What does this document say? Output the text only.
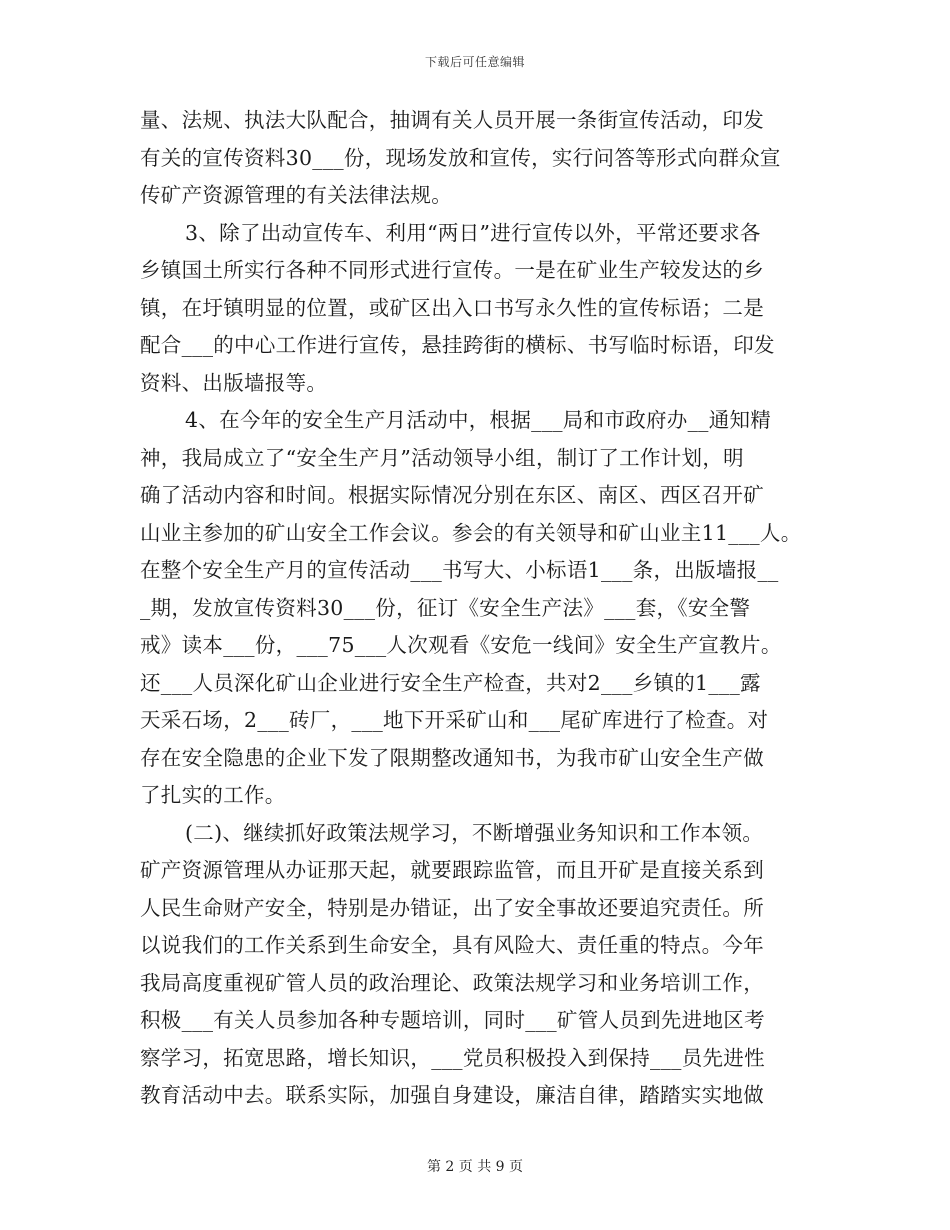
下载后可任意编辑
量、法规、执法大队配合，抽调有关人员开展一条街宣传活动，印发
有关的宣传资料30___份，现场发放和宣传，实行问答等形式向群众宣
传矿产资源管理的有关法律法规。
3、除了出动宣传车、利用“两日”进行宣传以外，平常还要求各
乡镇国土所实行各种不同形式进行宣传。一是在矿业生产较发达的乡
镇，在圩镇明显的位置，或矿区出入口书写永久性的宣传标语；二是
配合___的中心工作进行宣传，悬挂跨街的横标、书写临时标语，印发
资料、出版墙报等。
4、在今年的安全生产月活动中，根据___局和市政府办__通知精
神，我局成立了“安全生产月”活动领导小组，制订了工作计划，明
确了活动内容和时间。根据实际情况分别在东区、南区、西区召开矿
山业主参加的矿山安全工作会议。参会的有关领导和矿山业主11___人。
在整个安全生产月的宣传活动___书写大、小标语1___条，出版墙报__
_期，发放宣传资料30___份，征订《安全生产法》___套，《安全警
戒》读本___份，___75___人次观看《安危一线间》安全生产宣教片。
还___人员深化矿山企业进行安全生产检查，共对2___乡镇的1___露
天采石场，2___砖厂，___地下开采矿山和___尾矿库进行了检查。对
存在安全隐患的企业下发了限期整改通知书，为我市矿山安全生产做
了扎实的工作。
(二)、继续抓好政策法规学习，不断增强业务知识和工作本领。
矿产资源管理从办证那天起，就要跟踪监管，而且开矿是直接关系到
人民生命财产安全，特别是办错证，出了安全事故还要追究责任。所
以说我们的工作关系到生命安全，具有风险大、责任重的特点。今年
我局高度重视矿管人员的政治理论、政策法规学习和业务培训工作，
积极___有关人员参加各种专题培训，同时___矿管人员到先进地区考
察学习，拓宽思路，增长知识，___党员积极投入到保持___员先进性
教育活动中去。联系实际，加强自身建设，廉洁自律，踏踏实实地做
第 2 页 共 9 页
